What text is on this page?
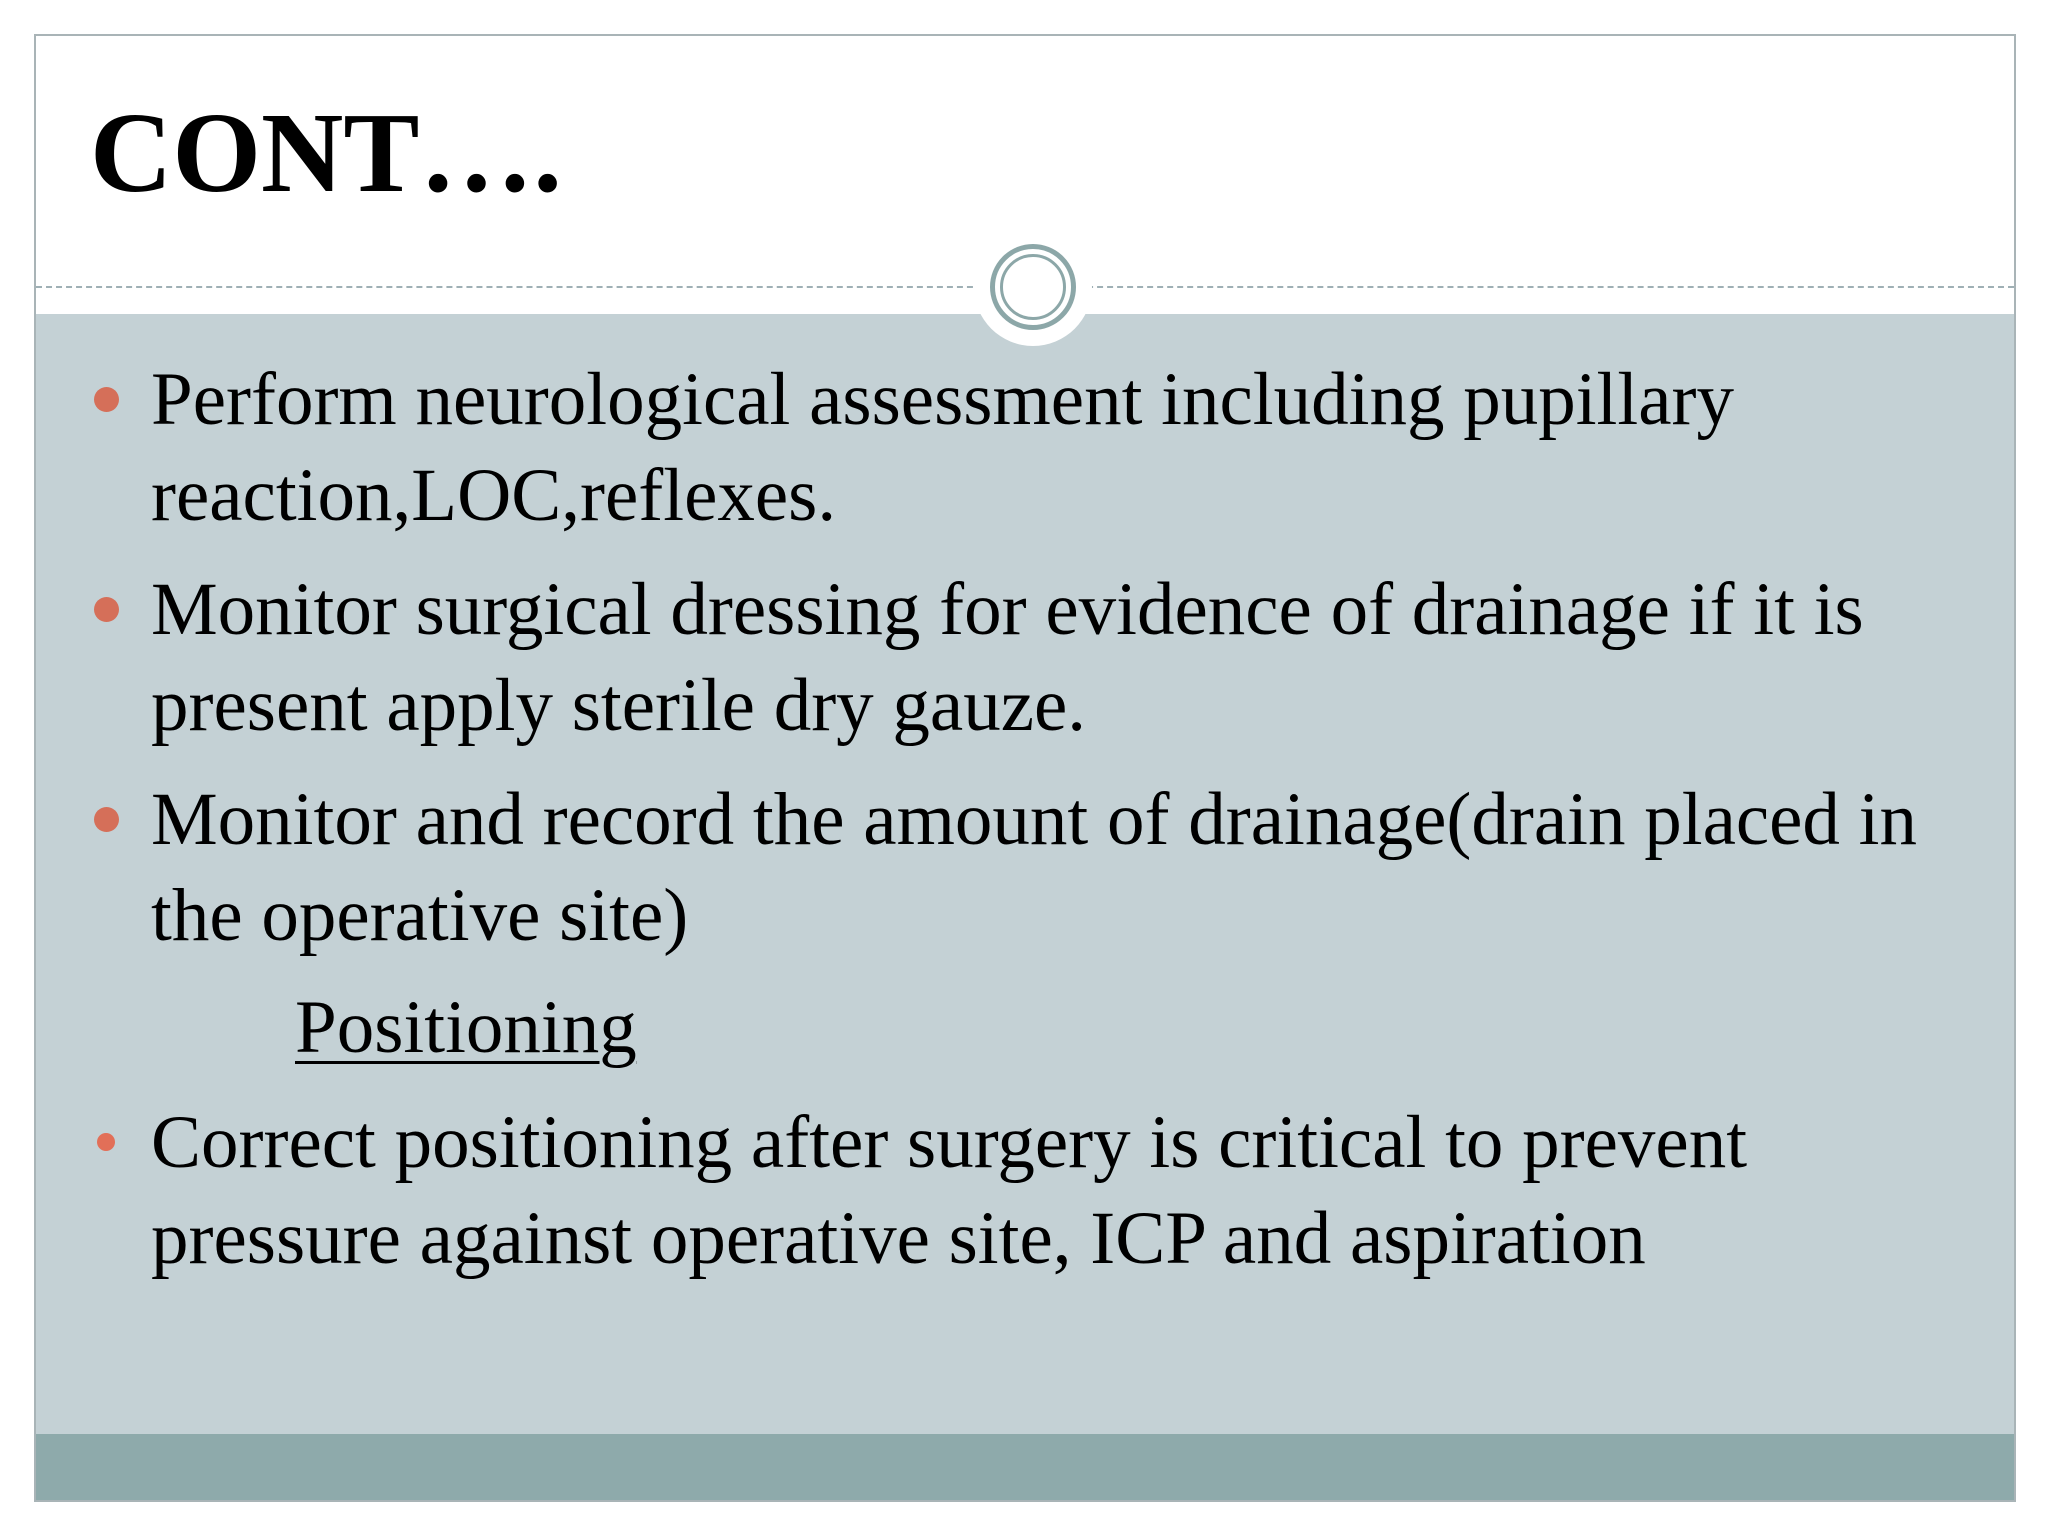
CONT….
Perform neurological assessment including pupillary reaction,LOC,reflexes.
Monitor surgical dressing for evidence of drainage if it is present apply sterile dry gauze.
Monitor and record the amount of drainage(drain placed in the operative site)
Positioning
Correct positioning after surgery is critical to prevent pressure against operative site, ICP and aspiration
